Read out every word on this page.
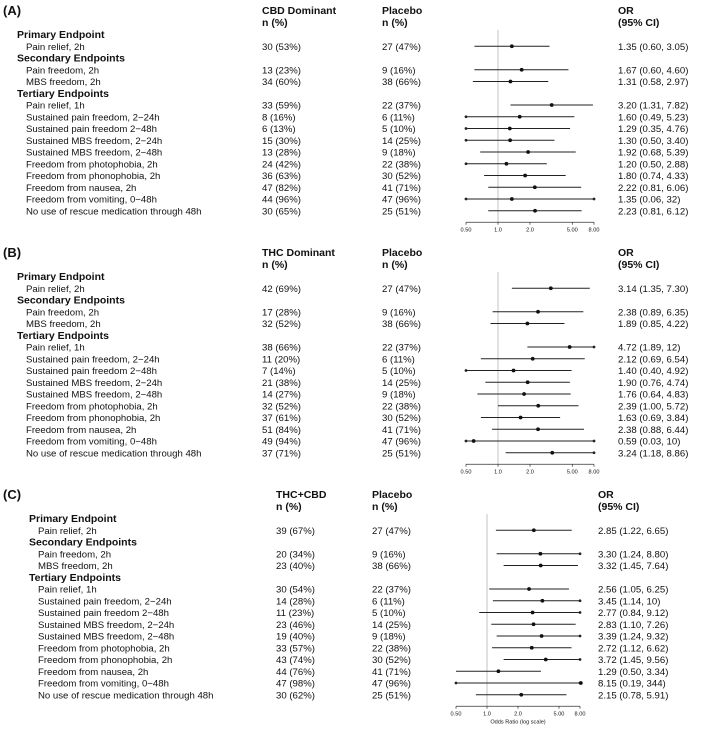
(A)	CBD Dominant
n (%)
Placebo
n (%)
OR
(95% CI)
Primary Endpoint
Secondary Endpoints
Tertiary Endpoints
Pain relief, 2h	30 (53%)	27 (47%)	1.35 (0.60, 3.05)
Pain freedom, 2h	13 (23%)	9 (16%)	1.67 (0.60, 4.60)
MBS freedom, 2h	34 (60%)	38 (66%)	1.31 (0.58, 2.97)
Pain relief, 1h	33 (59%)	22 (37%)	3.20 (1.31, 7.82)
Sustained pain freedom, 2−24h	8 (16%)	6 (11%)	1.60 (0.49, 5.23)
Sustained pain freedom 2−48h	6 (13%)	5 (10%)	1.29 (0.35, 4.76)
Sustained MBS freedom, 2−24h	15 (30%)	14 (25%)	1.30 (0.50, 3.40)
Sustained MBS freedom, 2−48h	13 (28%)	9 (18%)	1.92 (0.68, 5.39)
Freedom from photophobia, 2h	24 (42%)	22 (38%)	1.20 (0.50, 2.88)
Freedom from phonophobia, 2h	36 (63%)	30 (52%)	1.80 (0.74, 4.33)
Freedom from nausea, 2h	47 (82%)	41 (71%)	2.22 (0.81, 6.06)
Freedom from vomiting, 0−48h	44 (96%)	47 (96%)	1.35 (0.06, 32)
No use of rescue medication through 48h	30 (65%)	25 (51%)	2.23 (0.81, 6.12)
0.50	1.0	2.0	5.00 8.00
(B)	THC Dominant
n (%)
Placebo
n (%)
OR
(95% CI)
Primary Endpoint
Secondary Endpoints
Tertiary Endpoints
Pain relief, 2h	42 (69%)	27 (47%)	3.14 (1.35, 7.30)
Pain freedom, 2h	17 (28%)	9 (16%)	2.38 (0.89, 6.35)
MBS freedom, 2h	32 (52%)	38 (66%)	1.89 (0.85, 4.22)
Pain relief, 1h	38 (66%)	22 (37%)	4.72 (1.89, 12)
Sustained pain freedom, 2−24h	11 (20%)	6 (11%)	2.12 (0.69, 6.54)
Sustained pain freedom 2−48h	7 (14%)	5 (10%)	1.40 (0.40, 4.92)
Sustained MBS freedom, 2−24h	21 (38%)	14 (25%)	1.90 (0.76, 4.74)
Sustained MBS freedom, 2−48h	14 (27%)	9 (18%)	1.76 (0.64, 4.83)
Freedom from photophobia, 2h	32 (52%)	22 (38%)	2.39 (1.00, 5.72)
Freedom from phonophobia, 2h	37 (61%)	30 (52%)	1.63 (0.69, 3.84)
Freedom from nausea, 2h	51 (84%)	41 (71%)	2.38 (0.88, 6.44)
Freedom from vomiting, 0−48h	49 (94%)	47 (96%)	0.59 (0.03, 10)
No use of rescue medication through 48h	37 (71%)	25 (51%)	3.24 (1.18, 8.86)
0.50	1.0	2.0	5.00 8.00
(C)	THC+CBD
n (%)
Placebo
n (%)
OR
(95% CI)
Primary Endpoint
Secondary Endpoints
Tertiary Endpoints
Pain relief, 2h	39 (67%)	27 (47%)	2.85 (1.22, 6.65)
Pain freedom, 2h	20 (34%)	9 (16%)	3.30 (1.24, 8.80)
MBS freedom, 2h	23 (40%)	38 (66%)	3.32 (1.45, 7.64)
Pain relief, 1h	30 (54%)	22 (37%)	2.56 (1.05, 6.25)
Sustained pain freedom, 2−24h	14 (28%)	6 (11%)	3.45 (1.14, 10)
Sustained pain freedom 2−48h	11 (23%)	5 (10%)	2.77 (0.84, 9.12)
Sustained MBS freedom, 2−24h	23 (46%)	14 (25%)	2.83 (1.10, 7.26)
Sustained MBS freedom, 2−48h	19 (40%)	9 (18%)	3.39 (1.24, 9.32)
Freedom from photophobia, 2h	33 (57%)	22 (38%)	2.72 (1.12, 6.62)
Freedom from phonophobia, 2h	43 (74%)	30 (52%)	3.72 (1.45, 9.56)
Freedom from nausea, 2h	44 (76%)	41 (71%)	1.29 (0.50, 3.34)
Freedom from vomiting, 0−48h	47 (98%)	47 (96%)	8.15 (0.19, 344)
No use of rescue medication through 48h	30 (62%)	25 (51%)	2.15 (0.78, 5.91)
0.50	1.0	2.0	5.00 8.00
Odds Ratio (log scale)
